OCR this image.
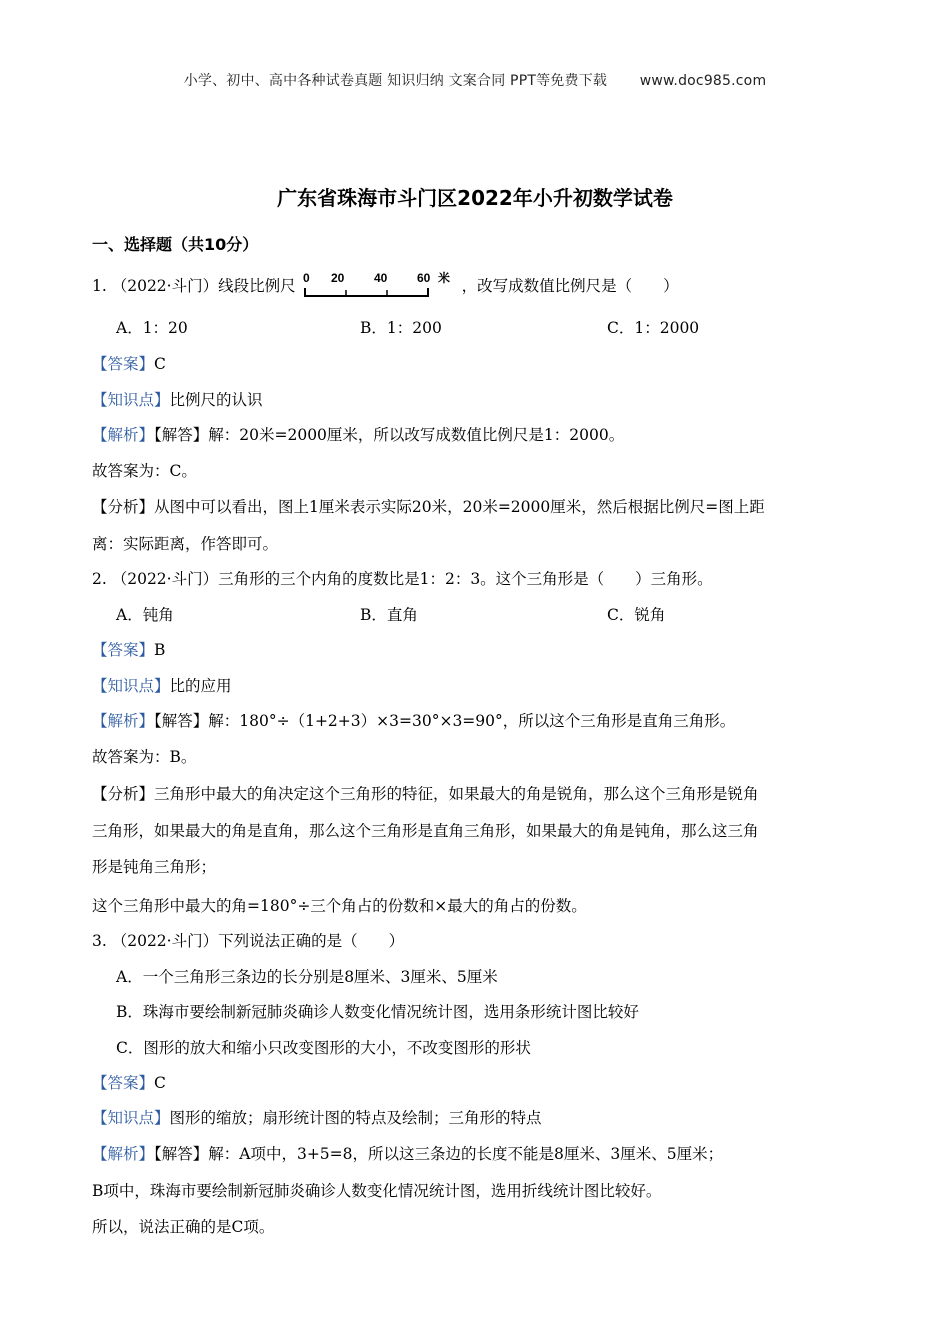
小学、初中、高中各种试卷真题 知识归纳 文案合同 PPT等免费下载 www.doc985.com
广东省珠海市斗门区2022年小升初数学试卷
一、选择题（共10分）
1. （2022·斗门）线段比例尺 0 20 40 60 米 ，改写成数值比例尺是（　　）
A．1：20	B．1：200	C．1：2000
【答案】C
【知识点】比例尺的认识
【解析】【解答】解：20米=2000厘米，所以改写成数值比例尺是1：2000。
故答案为：C。
【分析】从图中可以看出，图上1厘米表示实际20米，20米=2000厘米，然后根据比例尺=图上距
离：实际距离，作答即可。
2. （2022·斗门）三角形的三个内角的度数比是1：2：3。这个三角形是（　　）三角形。
A．钝角	B．直角	C．锐角
【答案】B
【知识点】比的应用
【解析】【解答】解：180°÷（1+2+3）×3=30°×3=90°，所以这个三角形是直角三角形。
故答案为：B。
【分析】三角形中最大的角决定这个三角形的特征，如果最大的角是锐角，那么这个三角形是锐角
三角形，如果最大的角是直角，那么这个三角形是直角三角形，如果最大的角是钝角，那么这三角
形是钝角三角形；
这个三角形中最大的角=180°÷三个角占的份数和×最大的角占的份数。
3. （2022·斗门）下列说法正确的是（　　）
A．一个三角形三条边的长分别是8厘米、3厘米、5厘米
B．珠海市要绘制新冠肺炎确诊人数变化情况统计图，选用条形统计图比较好
C．图形的放大和缩小只改变图形的大小，不改变图形的形状
【答案】C
【知识点】图形的缩放；扇形统计图的特点及绘制；三角形的特点
【解析】【解答】解：A项中，3+5=8，所以这三条边的长度不能是8厘米、3厘米、5厘米；
B项中，珠海市要绘制新冠肺炎确诊人数变化情况统计图，选用折线统计图比较好。
所以，说法正确的是C项。
